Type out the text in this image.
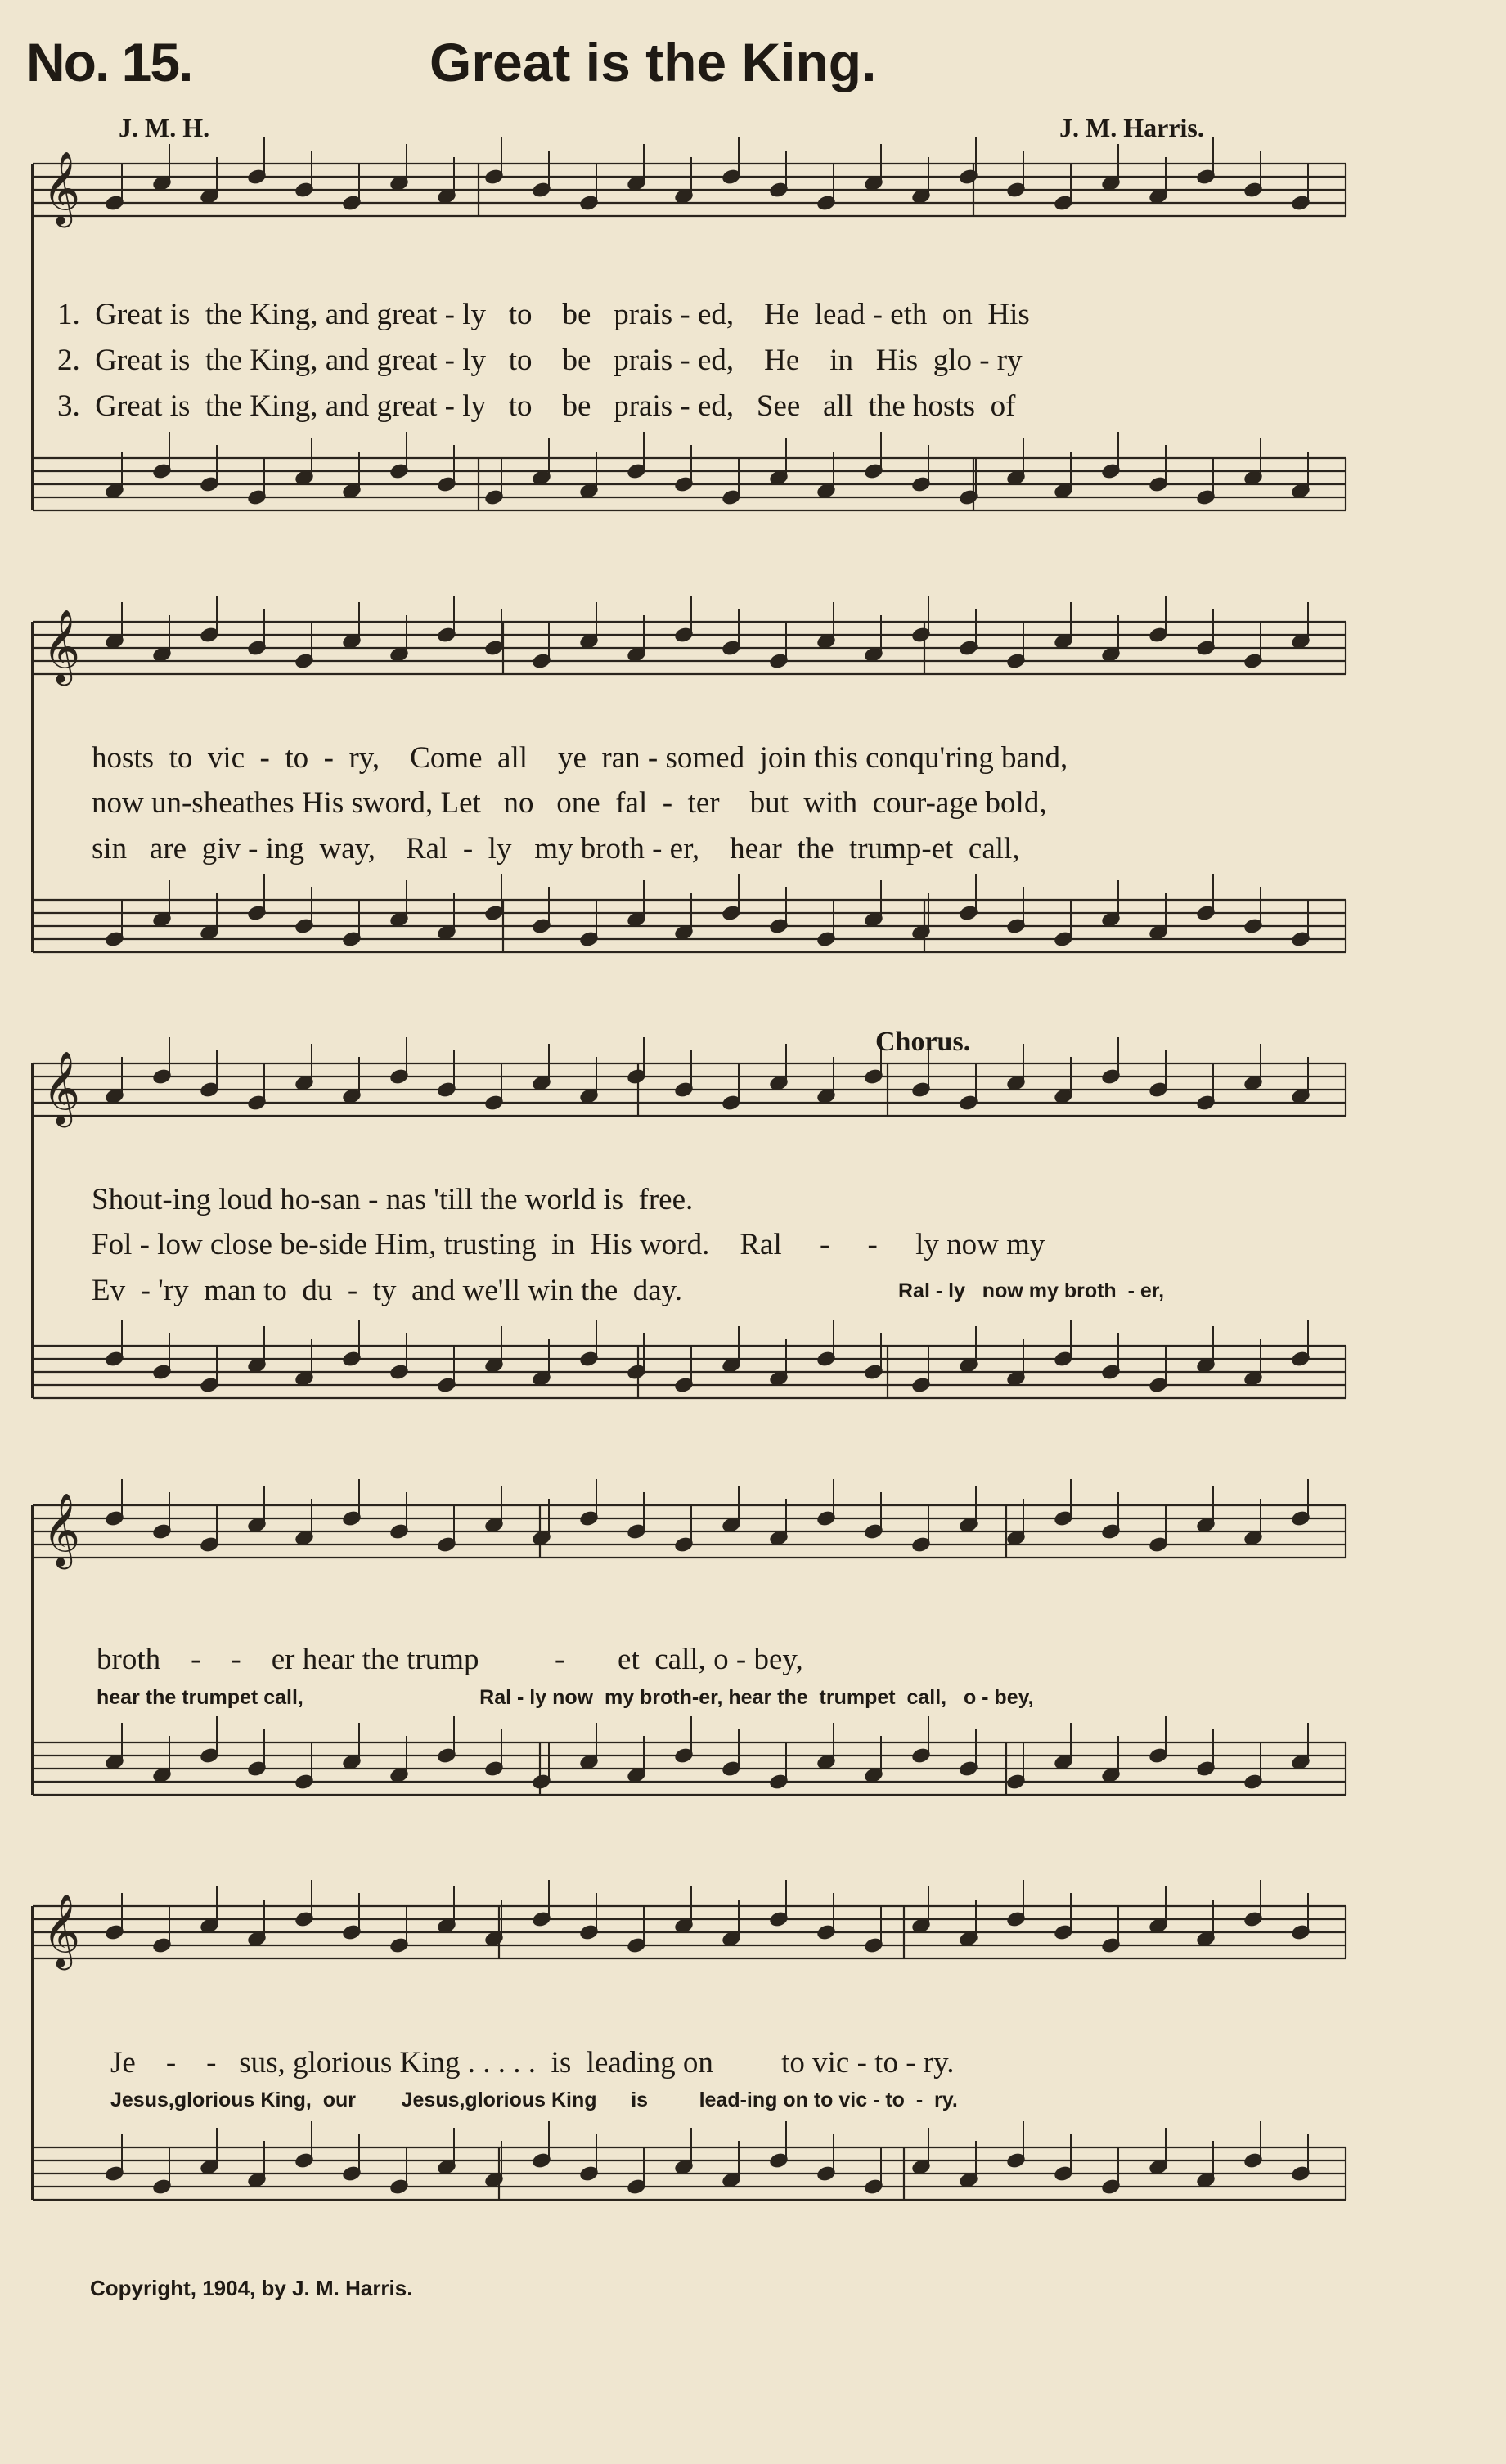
No. 15.	Great is the King.
J. M. H.	J. M. Harris.
𝄞
𝄞
𝄞
𝄞
𝄞
Chorus.
1.  Great is  the King, and great - ly   to    be   prais - ed,    He  lead - eth  on  His
2.  Great is  the King, and great - ly   to    be   prais - ed,    He    in   His  glo - ry
3.  Great is  the King, and great - ly   to    be   prais - ed,   See   all  the hosts  of
hosts  to  vic  -  to  -  ry,    Come  all    ye  ran - somed  join this conqu'ring band,
now un-sheathes His sword, Let   no   one  fal  -  ter    but  with  cour-age bold,
sin   are  giv - ing  way,    Ral  -  ly   my broth - er,    hear  the  trump-et  call,
Shout-ing loud ho-san - nas 'till the world is  free.
Fol - low close be-side Him, trusting  in  His word.    Ral     -     -     ly now my
Ev  - 'ry  man to  du  -  ty  and we'll win the  day.	Ral - ly   now my broth  - er,
broth    -    -    er hear the trump          -       et  call, o - bey,
hear the trumpet call,                               Ral - ly now  my broth-er, hear the  trumpet  call,   o - bey,
Je    -    -   sus, glorious King . . . . .  is  leading on         to vic - to - ry.
Jesus,glorious King,  our        Jesus,glorious King      is         lead-ing on to vic - to  -  ry.
Copyright, 1904, by J. M. Harris.
